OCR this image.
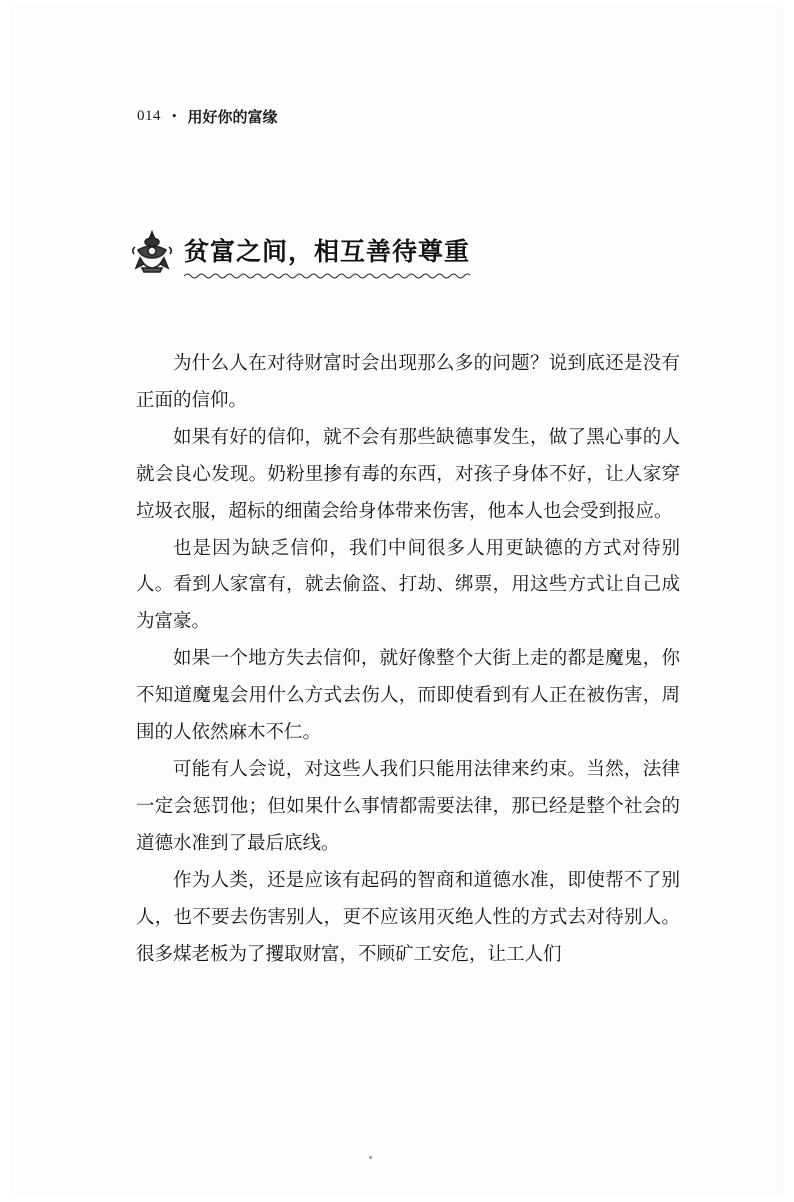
014 • 用好你的富缘
贫富之间，相互善待尊重

为什么人在对待财富时会出现那么多的问题？说到底还是没有正面的信仰。

如果有好的信仰，就不会有那些缺德事发生，做了黑心事的人就会良心发现。奶粉里掺有毒的东西，对孩子身体不好，让人家穿垃圾衣服，超标的细菌会给身体带来伤害，他本人也会受到报应。

也是因为缺乏信仰，我们中间很多人用更缺德的方式对待别人。看到人家富有，就去偷盗、打劫、绑票，用这些方式让自己成为富豪。

如果一个地方失去信仰，就好像整个大街上走的都是魔鬼，你不知道魔鬼会用什么方式去伤人，而即使看到有人正在被伤害，周围的人依然麻木不仁。

可能有人会说，对这些人我们只能用法律来约束。当然，法律一定会惩罚他；但如果什么事情都需要法律，那已经是整个社会的道德水准到了最后底线。

作为人类，还是应该有起码的智商和道德水准，即使帮不了别人，也不要去伤害别人，更不应该用灭绝人性的方式去对待别人。很多煤老板为了攫取财富，不顾矿工安危，让工人们
